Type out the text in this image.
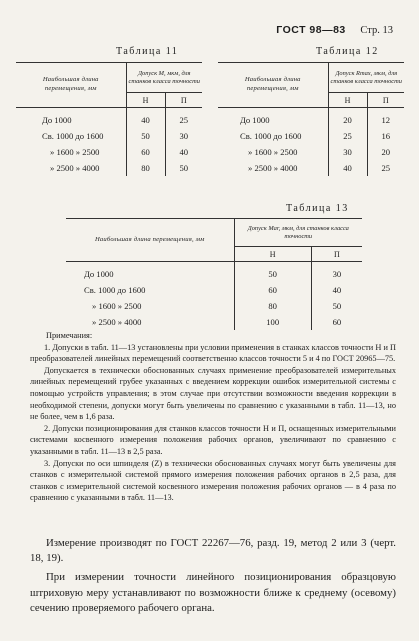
ГОСТ 98—83 Стр. 13
Таблица 11
Наибольшая длина перемещения, мм	Допуск M, мкм, для станков класса точности	
	Н	П
До 1000	40	25
Св. 1000 до 1600	50	30
» 1600 » 2500	60	40
» 2500 » 4000	80	50
Таблица 12
Наибольшая длина перемещения, мм	Допуск Rmax, мкм, для станков класса точности	
	Н	П
До 1000	20	12
Св. 1000 до 1600	25	16
» 1600 » 2500	30	20
» 2500 » 4000	40	25
Таблица 13
Наибольшая длина перемещения, мм	Допуск Mar, мкм, для станков класса точности	
	Н	П
До 1000	50	30
Св. 1000 до 1600	60	40
» 1600 » 2500	80	50
» 2500 » 4000	100	60

Примечания:

1. Допуски в табл. 11—13 установлены при условии применения в станках классов точности Н и П преобразователей линейных перемещений соответственно классов точности 5 и 4 по ГОСТ 20965—75.

Допускается в технически обоснованных случаях применение преобразователей измерительных линейных перемещений грубее указанных с введением коррекции ошибок измерительной системы с помощью устройств управления; в этом случае при отсутствии возможности введения коррекции в необходимой степени, допуски могут быть увеличены по сравнению с указанными в табл. 11—13, но не более, чем в 1,6 раза.

2. Допуски позиционирования для станков классов точности Н и П, оснащенных измерительными системами косвенного измерения положения рабочих органов, увеличивают по сравнению с указанными в табл. 11—13 в 2,5 раза.

3. Допуски по оси шпинделя (Z) в технически обоснованных случаях могут быть увеличены для станков с измерительной системой прямого измерения положения рабочих органов в 2,5 раза, для станков с измерительной системой косвенного измерения положения рабочих органов — в 4 раза по сравнению с указанными в табл. 11—13.

Измерение производят по ГОСТ 22267—76, разд. 19, метод 2 или 3 (черт. 18, 19).

При измерении точности линейного позиционирования образцовую штриховую меру устанавливают по возможности ближе к среднему (осевому) сечению проверяемого рабочего органа.
